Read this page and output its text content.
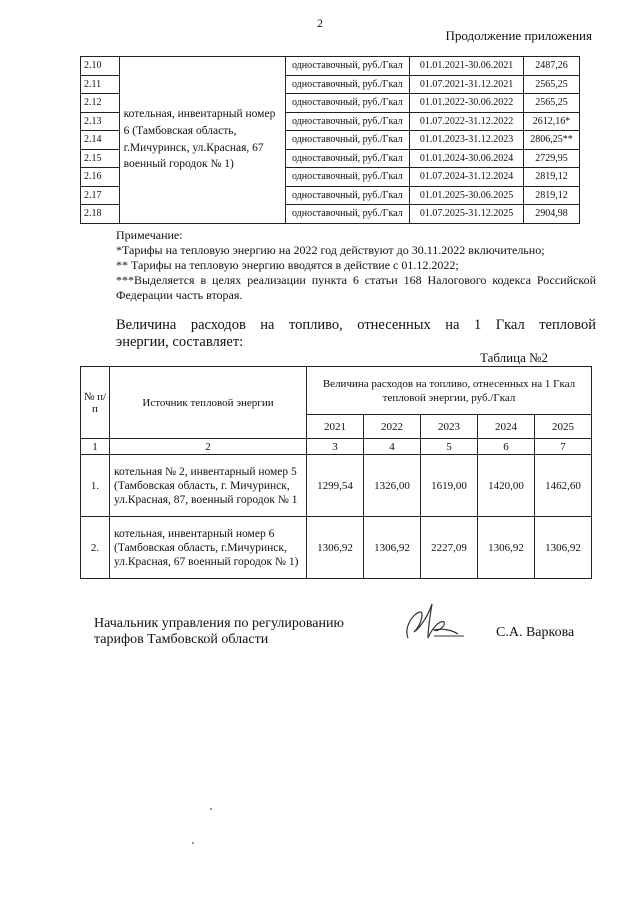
2
Продолжение приложения
2.10	котельная, инвентарный номер 6 (Тамбовская область, г.Мичуринск, ул.Красная, 67 военный городок № 1)	одноставочный, руб./Гкал	01.01.2021-30.06.2021	2487,26
2.11		одноставочный, руб./Гкал	01.07.2021-31.12.2021	2565,25
2.12		одноставочный, руб./Гкал	01.01.2022-30.06.2022	2565,25
2.13		одноставочный, руб./Гкал	01.07.2022-31.12.2022	2612,16*
2.14		одноставочный, руб./Гкал	01.01.2023-31.12.2023	2806,25**
2.15		одноставочный, руб./Гкал	01.01.2024-30.06.2024	2729,95
2.16		одноставочный, руб./Гкал	01.07.2024-31.12.2024	2819,12
2.17		одноставочный, руб./Гкал	01.01.2025-30.06.2025	2819,12
2.18		одноставочный, руб./Гкал	01.07.2025-31.12.2025	2904,98
Примечание:
*Тарифы на тепловую энергию на 2022 год действуют до 30.11.2022 включительно;
** Тарифы на тепловую энергию вводятся в действие с 01.12.2022;
***Выделяется в целях реализации пункта 6 статьи 168 Налогового кодекса Российской Федерации часть вторая.
Величина расходов на топливо, отнесенных на 1 Гкал тепловой
энергии, составляет:
Таблица №2
№ п/п	Источник тепловой энергии	Величина расходов на топливо, отнесенных на 1 Гкал тепловой энергии, руб./Гкал				
		2021	2022	2023	2024	2025
1	2	3	4	5	6	7
1.	котельная № 2, инвентарный номер 5 (Тамбовская область, г. Мичуринск, ул.Красная, 87, военный городок № 1	1299,54	1326,00	1619,00	1420,00	1462,60
2.	котельная, инвентарный номер 6 (Тамбовская область, г.Мичуринск, ул.Красная, 67 военный городок № 1)	1306,92	1306,92	2227,09	1306,92	1306,92
Начальник управления по регулированию
тарифов Тамбовской области	С.А. Варкова
